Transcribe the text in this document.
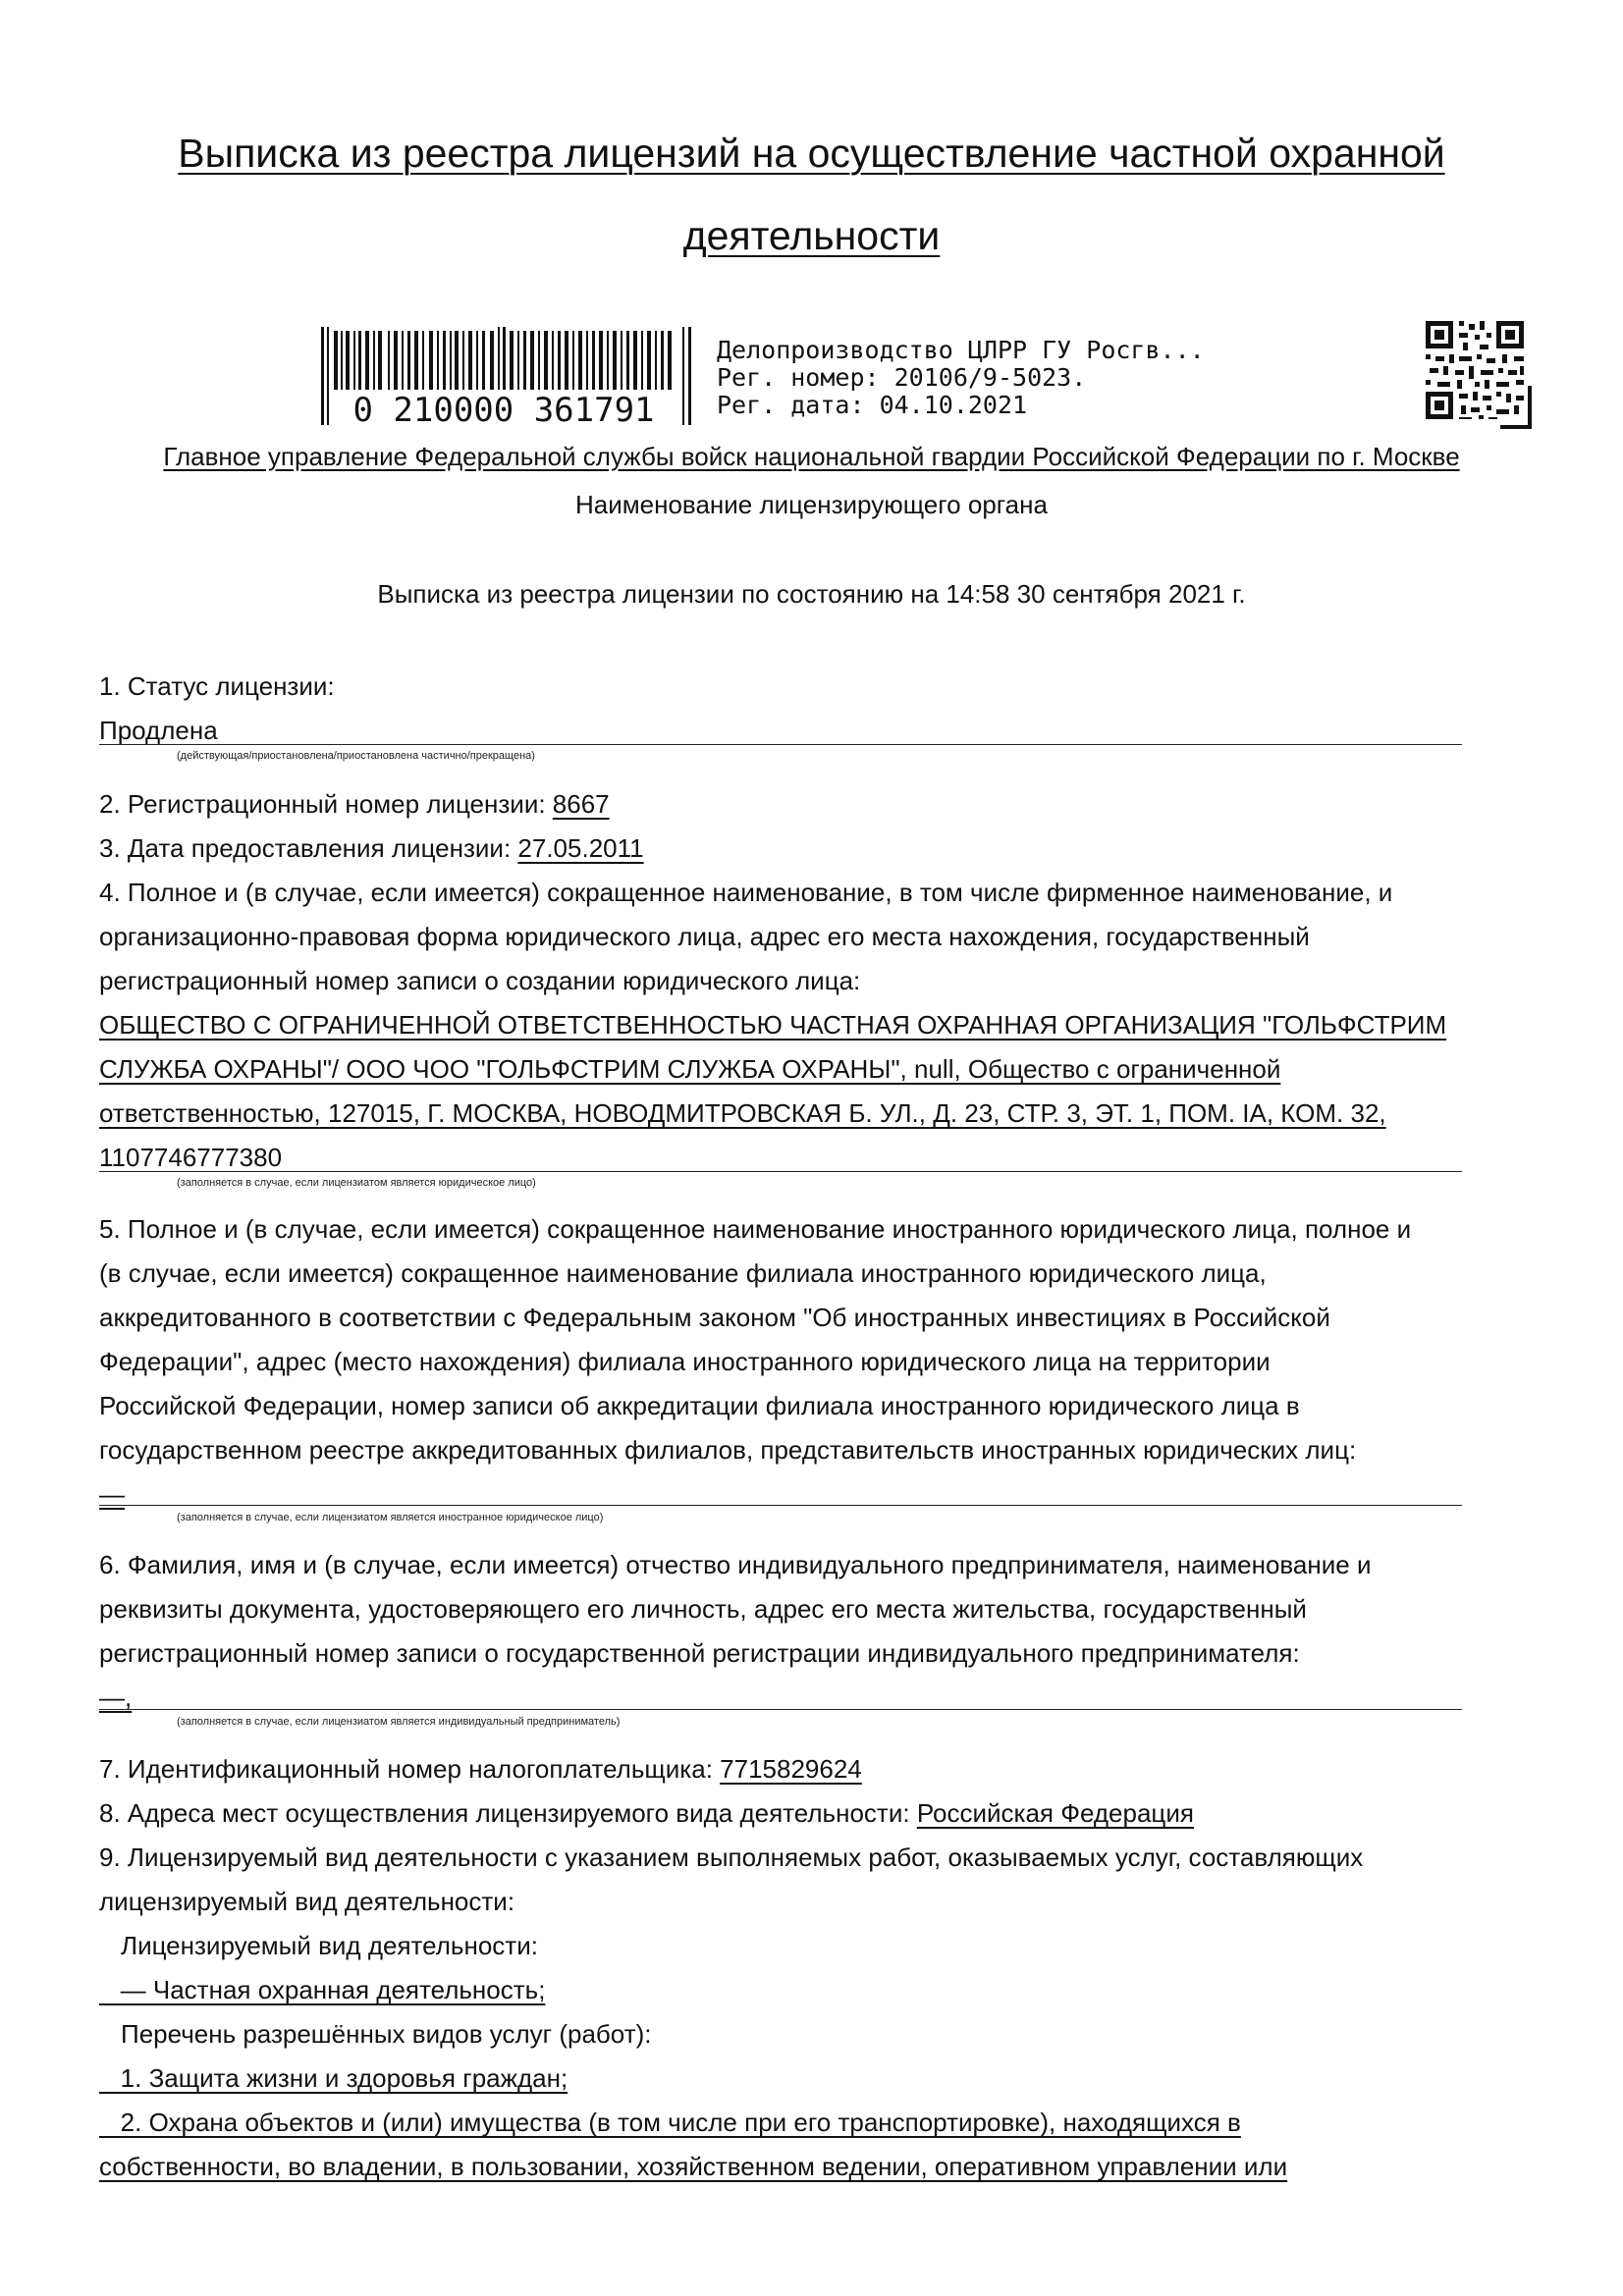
Выписка из реестра лицензий на осуществление частной охранной
деятельности
0 210000 361791
Делопроизводство ЦЛРР ГУ Росгв...
Рег. номер: 20106/9-5023.
Рег. дата: 04.10.2021
Главное управление Федеральной службы войск национальной гвардии Российской Федерации по г. Москве
Наименование лицензирующего органа
Выписка из реестра лицензии по состоянию на 14:58 30 сентября 2021 г.
1. Статус лицензии:
Продлена
(действующая/приостановлена/приостановлена частично/прекращена)
2. Регистрационный номер лицензии: 8667
3. Дата предоставления лицензии: 27.05.2011
4. Полное и (в случае, если имеется) сокращенное наименование, в том числе фирменное наименование, и
организационно-правовая форма юридического лица, адрес его места нахождения, государственный
регистрационный номер записи о создании юридического лица:
ОБЩЕСТВО С ОГРАНИЧЕННОЙ ОТВЕТСТВЕННОСТЬЮ ЧАСТНАЯ ОХРАННАЯ ОРГАНИЗАЦИЯ "ГОЛЬФСТРИМ
СЛУЖБА ОХРАНЫ"/ ООО ЧОО "ГОЛЬФСТРИМ СЛУЖБА ОХРАНЫ", null, Общество с ограниченной
ответственностью, 127015, Г. МОСКВА, НОВОДМИТРОВСКАЯ Б. УЛ., Д. 23, СТР. 3, ЭТ. 1, ПОМ. IA, КОМ. 32,
1107746777380
(заполняется в случае, если лицензиатом является юридическое лицо)
5. Полное и (в случае, если имеется) сокращенное наименование иностранного юридического лица, полное и
(в случае, если имеется) сокращенное наименование филиала иностранного юридического лица,
аккредитованного в соответствии с Федеральным законом "Об иностранных инвестициях в Российской
Федерации", адрес (место нахождения) филиала иностранного юридического лица на территории
Российской Федерации, номер записи об аккредитации филиала иностранного юридического лица в
государственном реестре аккредитованных филиалов, представительств иностранных юридических лиц:
—
(заполняется в случае, если лицензиатом является иностранное юридическое лицо)
6. Фамилия, имя и (в случае, если имеется) отчество индивидуального предпринимателя, наименование и
реквизиты документа, удостоверяющего его личность, адрес его места жительства, государственный
регистрационный номер записи о государственной регистрации индивидуального предпринимателя:
—,
(заполняется в случае, если лицензиатом является индивидуальный предприниматель)
7. Идентификационный номер налогоплательщика: 7715829624
8. Адреса мест осуществления лицензируемого вида деятельности: Российская Федерация
9. Лицензируемый вид деятельности с указанием выполняемых работ, оказываемых услуг, составляющих
лицензируемый вид деятельности:
Лицензируемый вид деятельности:
— Частная охранная деятельность;
Перечень разрешённых видов услуг (работ):
1. Защита жизни и здоровья граждан;
2. Охрана объектов и (или) имущества (в том числе при его транспортировке), находящихся в
собственности, во владении, в пользовании, хозяйственном ведении, оперативном управлении или
